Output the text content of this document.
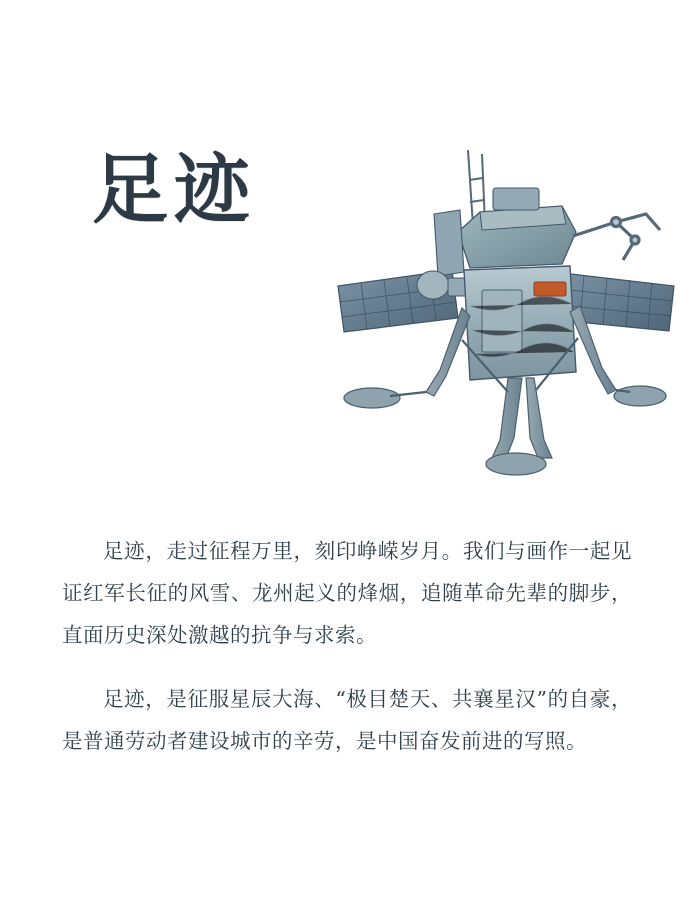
足迹

足迹，走过征程万里，刻印峥嵘岁月。我们与画作一起见证红军长征的风雪、龙州起义的烽烟，追随革命先辈的脚步，直面历史深处激越的抗争与求索。

足迹，是征服星辰大海、“极目楚天、共襄星汉”的自豪，是普通劳动者建设城市的辛劳，是中国奋发前进的写照。
